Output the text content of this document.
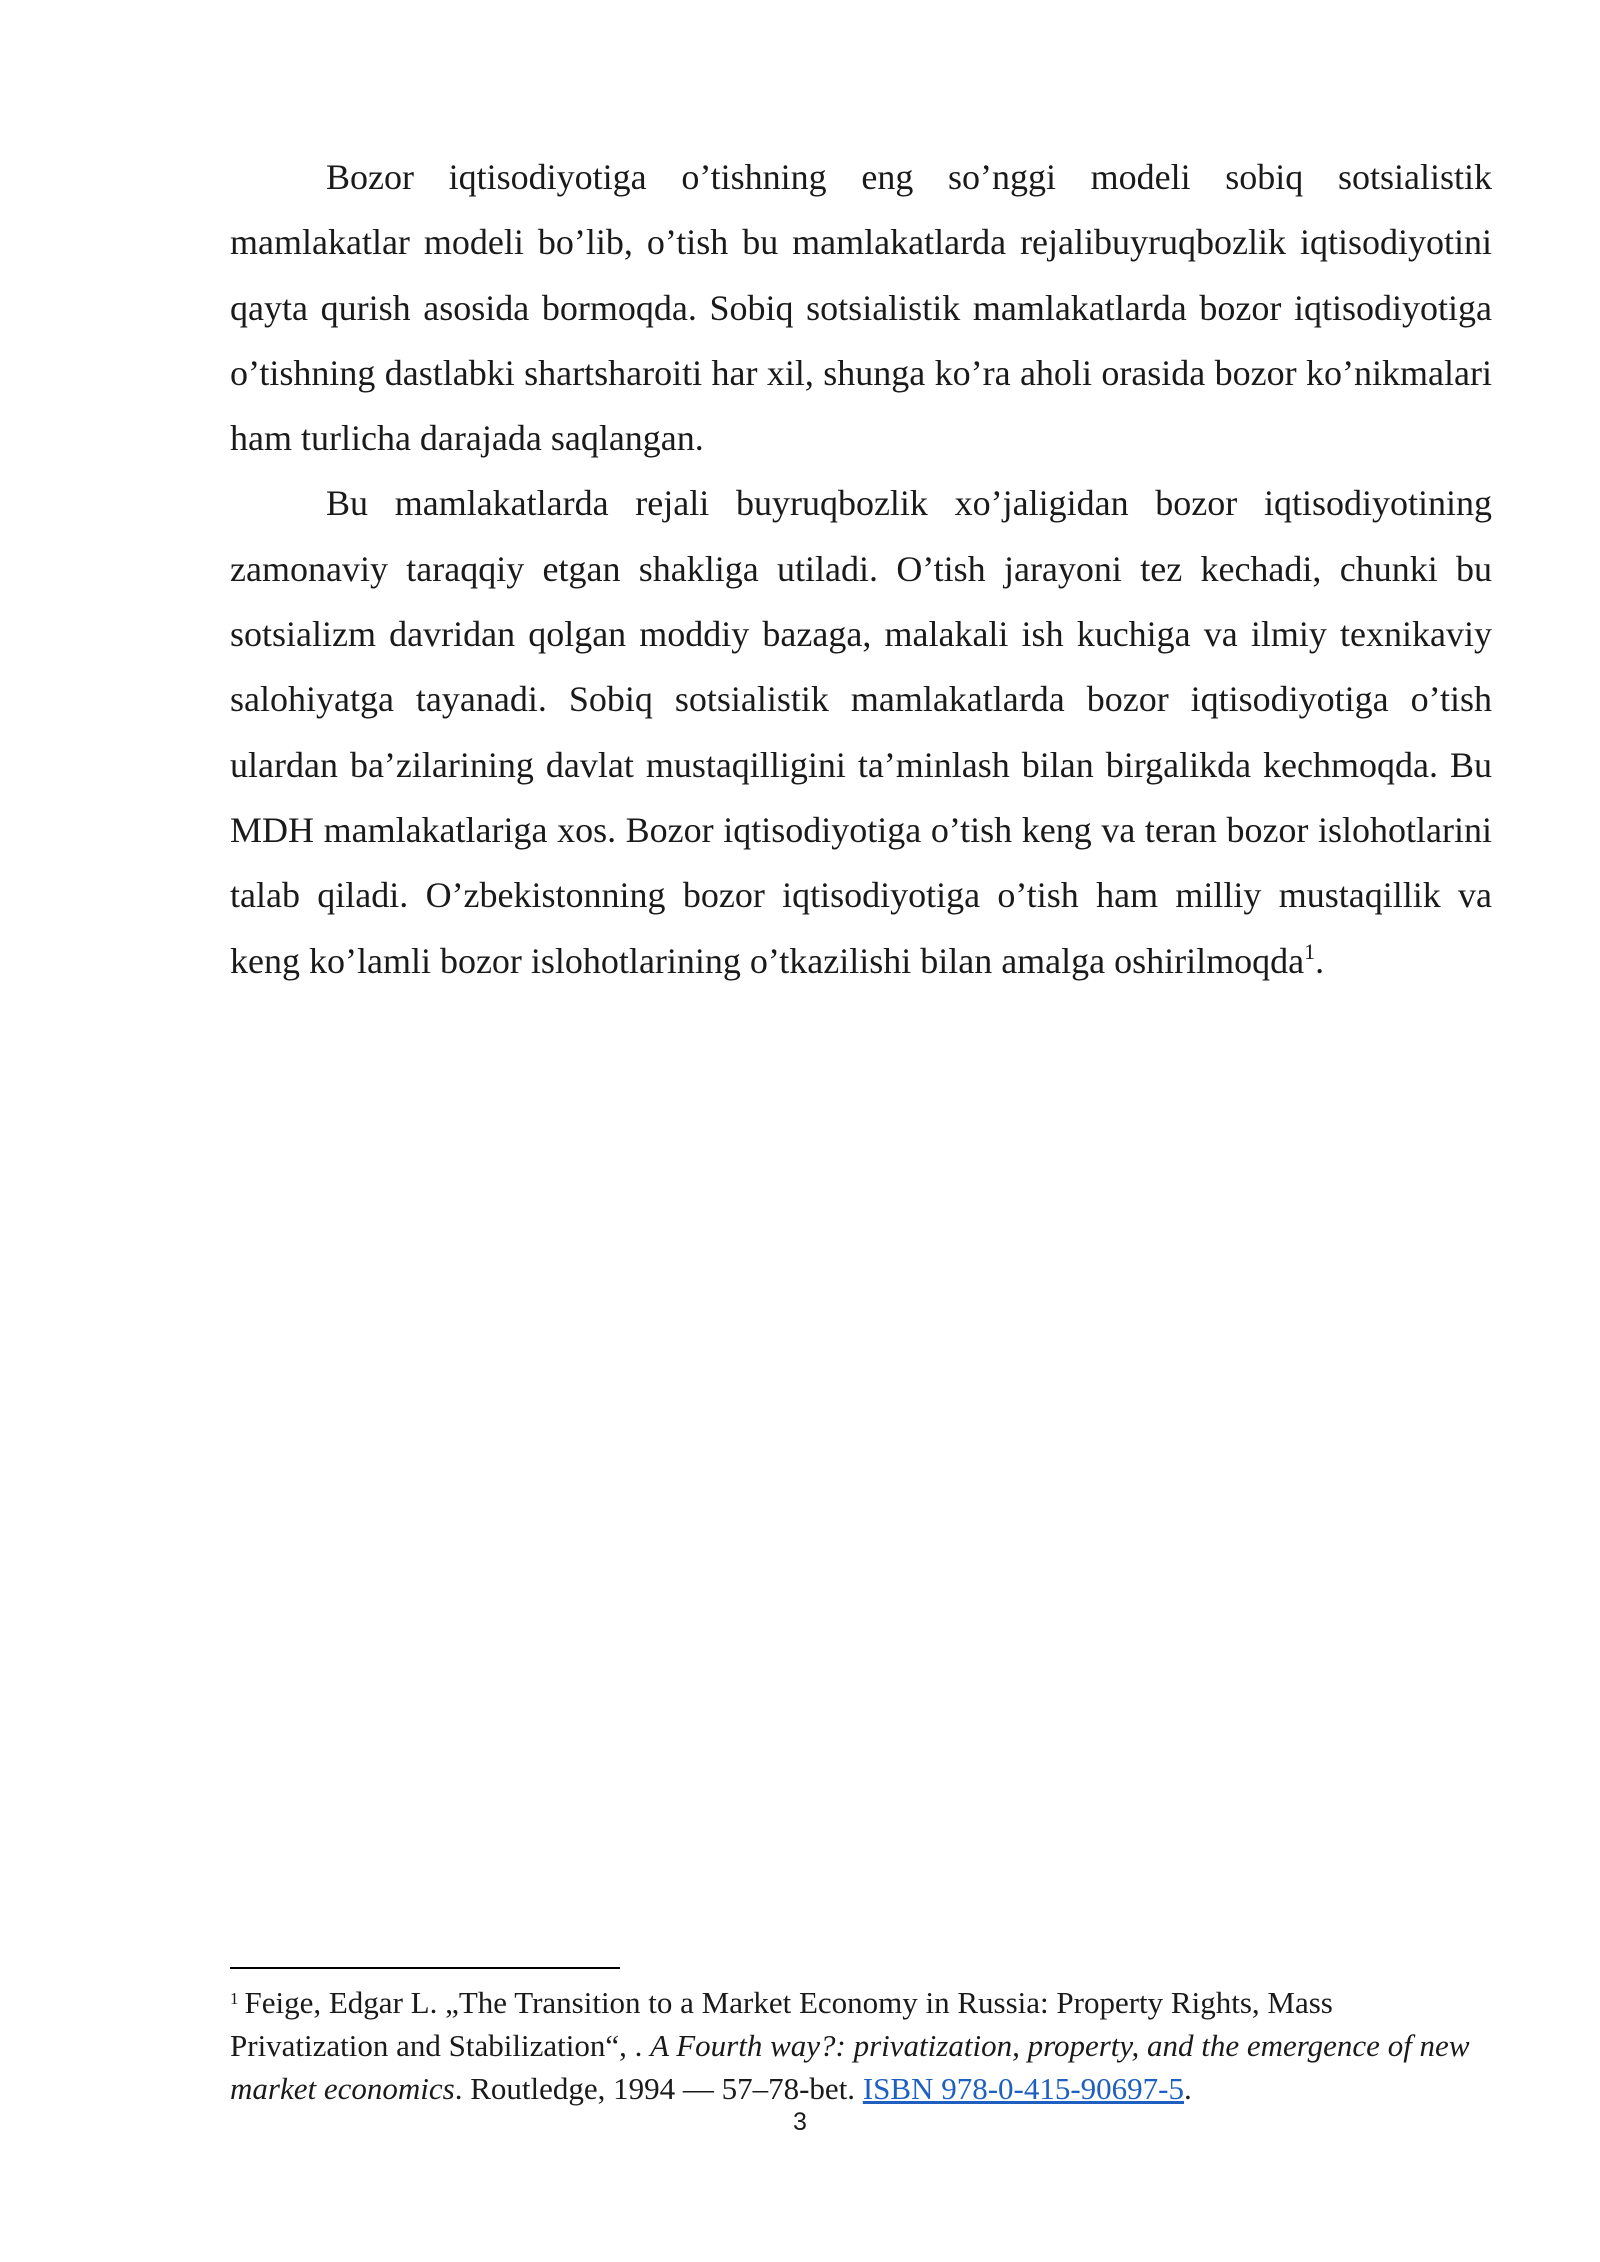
Bozor iqtisodiyotiga o’tishning eng so’nggi modeli sobiq sotsialistik mamlakatlar modeli bo’lib, o’tish bu mamlakatlarda rejalibuyruqbozlik iqtisodiyotini qayta qurish asosida bormoqda. Sobiq sotsialistik mamlakatlarda bozor iqtisodiyotiga o’tishning dastlabki shartsharoiti har xil, shunga ko’ra aholi orasida bozor ko’nikmalari ham turlicha darajada saqlangan.

Bu mamlakatlarda rejali buyruqbozlik xo’jaligidan bozor iqtisodiyotining zamonaviy taraqqiy etgan shakliga utiladi. O’tish jarayoni tez kechadi, chunki bu sotsializm davridan qolgan moddiy bazaga, malakali ish kuchiga va ilmiy texnikaviy salohiyatga tayanadi. Sobiq sotsialistik mamlakatlarda bozor iqtisodiyotiga o’tish ulardan ba’zilarining davlat mustaqilligini ta’minlash bilan birgalikda kechmoqda. Bu MDH mamlakatlariga xos. Bozor iqtisodiyotiga o’tish keng va teran bozor islohotlarini talab qiladi. O’zbekistonning bozor iqtisodiyotiga o’tish ham milliy mustaqillik va keng ko’lamli bozor islohotlarining o’tkazilishi bilan amalga oshirilmoqda$^1$.

$^1$ Feige, Edgar L. „The Transition to a Market Economy in Russia: Property Rights, Mass Privatization and Stabilization“, . A Fourth way?: privatization, property, and the emergence of new market economics. Routledge, 1994 — 57–78-bet. ISBN 978-0-415-90697-5.
3
